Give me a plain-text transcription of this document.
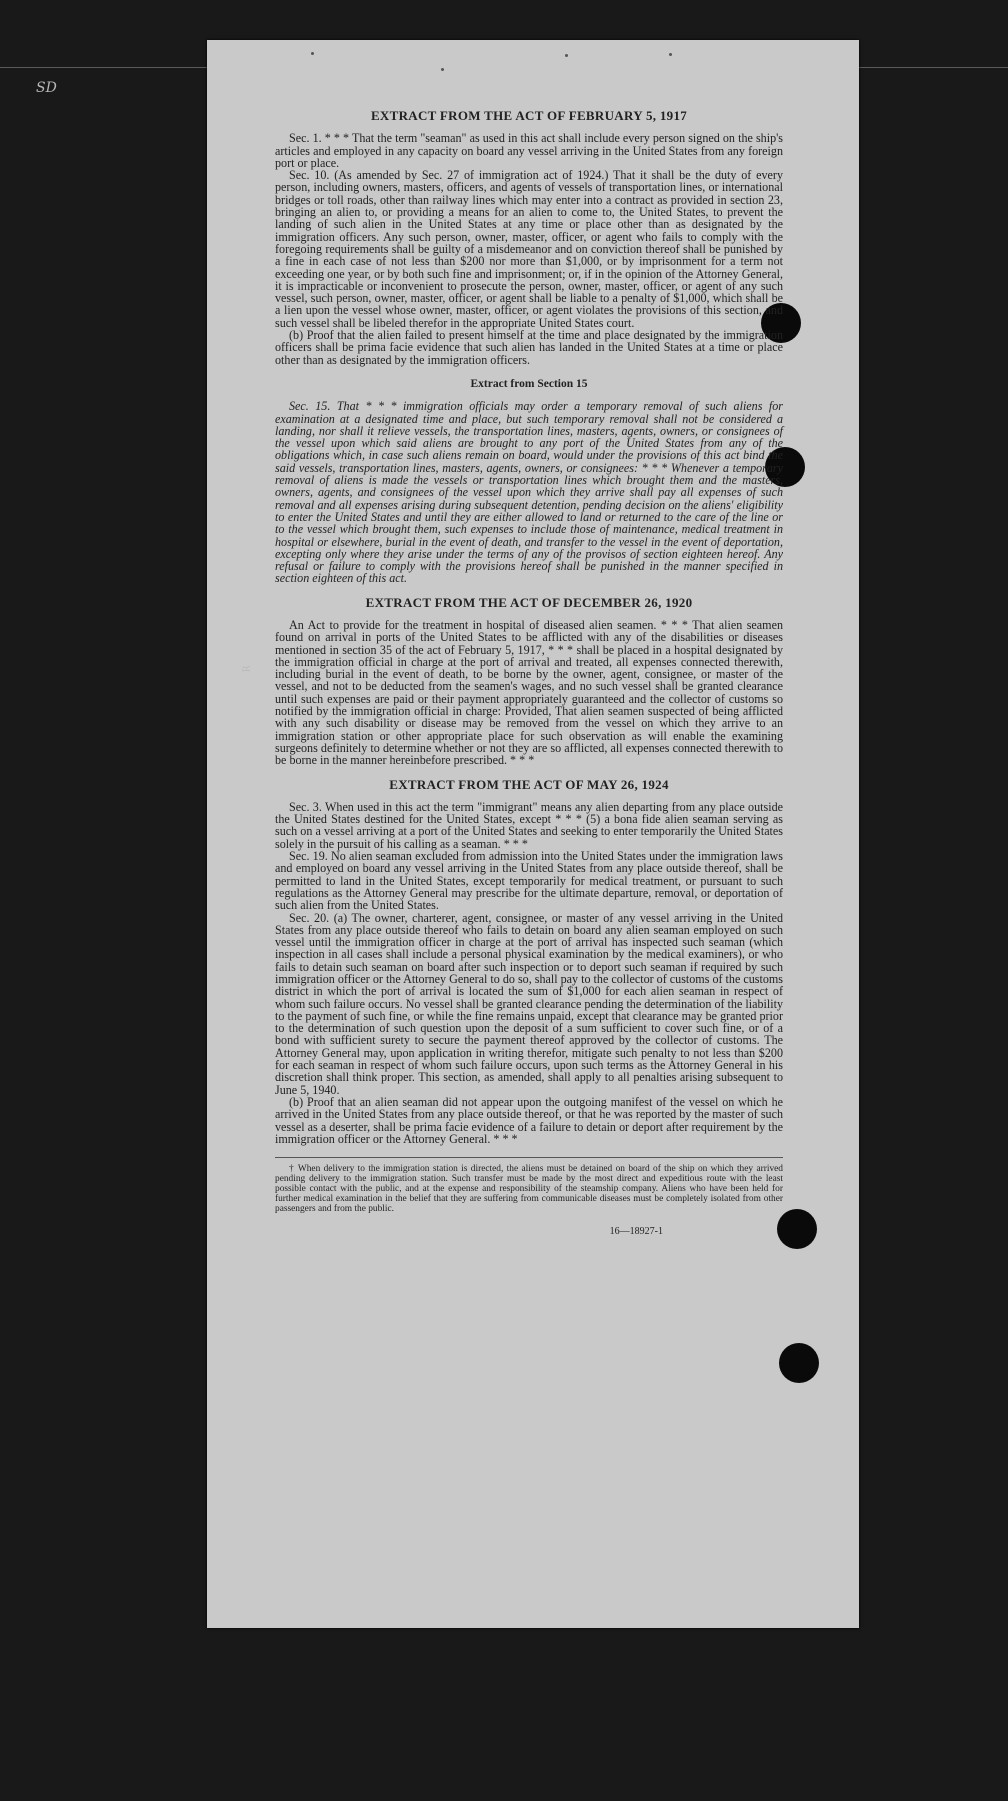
SD
EXTRACT FROM THE ACT OF FEBRUARY 5, 1917

Sec. 1. * * * That the term "seaman" as used in this act shall include every person signed on the ship's articles and employed in any capacity on board any vessel arriving in the United States from any foreign port or place.

Sec. 10. (As amended by Sec. 27 of immigration act of 1924.) That it shall be the duty of every person, including owners, masters, officers, and agents of vessels of transportation lines, or international bridges or toll roads, other than railway lines which may enter into a contract as provided in section 23, bringing an alien to, or providing a means for an alien to come to, the United States, to prevent the landing of such alien in the United States at any time or place other than as designated by the immigration officers. Any such person, owner, master, officer, or agent who fails to comply with the foregoing requirements shall be guilty of a misdemeanor and on conviction thereof shall be punished by a fine in each case of not less than $200 nor more than $1,000, or by imprisonment for a term not exceeding one year, or by both such fine and imprisonment; or, if in the opinion of the Attorney General, it is impracticable or inconvenient to prosecute the person, owner, master, officer, or agent of any such vessel, such person, owner, master, officer, or agent shall be liable to a penalty of $1,000, which shall be a lien upon the vessel whose owner, master, officer, or agent violates the provisions of this section, and such vessel shall be libeled therefor in the appropriate United States court.

(b) Proof that the alien failed to present himself at the time and place designated by the immigration officers shall be prima facie evidence that such alien has landed in the United States at a time or place other than as designated by the immigration officers.

Extract from Section 15

Sec. 15. That * * * immigration officials may order a temporary removal of such aliens for examination at a designated time and place, but such temporary removal shall not be considered a landing, nor shall it relieve vessels, the transportation lines, masters, agents, owners, or consignees of the vessel upon which said aliens are brought to any port of the United States from any of the obligations which, in case such aliens remain on board, would under the provisions of this act bind the said vessels, transportation lines, masters, agents, owners, or consignees: * * * Whenever a temporary removal of aliens is made the vessels or transportation lines which brought them and the masters, owners, agents, and consignees of the vessel upon which they arrive shall pay all expenses of such removal and all expenses arising during subsequent detention, pending decision on the aliens' eligibility to enter the United States and until they are either allowed to land or returned to the care of the line or to the vessel which brought them, such expenses to include those of maintenance, medical treatment in hospital or elsewhere, burial in the event of death, and transfer to the vessel in the event of deportation, excepting only where they arise under the terms of any of the provisos of section eighteen hereof. Any refusal or failure to comply with the provisions hereof shall be punished in the manner specified in section eighteen of this act.

EXTRACT FROM THE ACT OF DECEMBER 26, 1920

An Act to provide for the treatment in hospital of diseased alien seamen. * * * That alien seamen found on arrival in ports of the United States to be afflicted with any of the disabilities or diseases mentioned in section 35 of the act of February 5, 1917, * * * shall be placed in a hospital designated by the immigration official in charge at the port of arrival and treated, all expenses connected therewith, including burial in the event of death, to be borne by the owner, agent, consignee, or master of the vessel, and not to be deducted from the seamen's wages, and no such vessel shall be granted clearance until such expenses are paid or their payment appropriately guaranteed and the collector of customs so notified by the immigration official in charge: Provided, That alien seamen suspected of being afflicted with any such disability or disease may be removed from the vessel on which they arrive to an immigration station or other appropriate place for such observation as will enable the examining surgeons definitely to determine whether or not they are so afflicted, all expenses connected therewith to be borne in the manner hereinbefore prescribed. * * *

EXTRACT FROM THE ACT OF MAY 26, 1924

Sec. 3. When used in this act the term "immigrant" means any alien departing from any place outside the United States destined for the United States, except * * * (5) a bona fide alien seaman serving as such on a vessel arriving at a port of the United States and seeking to enter temporarily the United States solely in the pursuit of his calling as a seaman. * * *

Sec. 19. No alien seaman excluded from admission into the United States under the immigration laws and employed on board any vessel arriving in the United States from any place outside thereof, shall be permitted to land in the United States, except temporarily for medical treatment, or pursuant to such regulations as the Attorney General may prescribe for the ultimate departure, removal, or deportation of such alien from the United States.

Sec. 20. (a) The owner, charterer, agent, consignee, or master of any vessel arriving in the United States from any place outside thereof who fails to detain on board any alien seaman employed on such vessel until the immigration officer in charge at the port of arrival has inspected such seaman (which inspection in all cases shall include a personal physical examination by the medical examiners), or who fails to detain such seaman on board after such inspection or to deport such seaman if required by such immigration officer or the Attorney General to do so, shall pay to the collector of customs of the customs district in which the port of arrival is located the sum of $1,000 for each alien seaman in respect of whom such failure occurs. No vessel shall be granted clearance pending the determination of the liability to the payment of such fine, or while the fine remains unpaid, except that clearance may be granted prior to the determination of such question upon the deposit of a sum sufficient to cover such fine, or of a bond with sufficient surety to secure the payment thereof approved by the collector of customs. The Attorney General may, upon application in writing therefor, mitigate such penalty to not less than $200 for each seaman in respect of whom such failure occurs, upon such terms as the Attorney General in his discretion shall think proper. This section, as amended, shall apply to all penalties arising subsequent to June 5, 1940.

(b) Proof that an alien seaman did not appear upon the outgoing manifest of the vessel on which he arrived in the United States from any place outside thereof, or that he was reported by the master of such vessel as a deserter, shall be prima facie evidence of a failure to detain or deport after requirement by the immigration officer or the Attorney General. * * *

† When delivery to the immigration station is directed, the aliens must be detained on board of the ship on which they arrived pending delivery to the immigration station. Such transfer must be made by the most direct and expeditious route with the least possible contact with the public, and at the expense and responsibility of the steamship company. Aliens who have been held for further medical examination in the belief that they are suffering from communicable diseases must be completely isolated from other passengers and from the public.

16—18927-1
R
